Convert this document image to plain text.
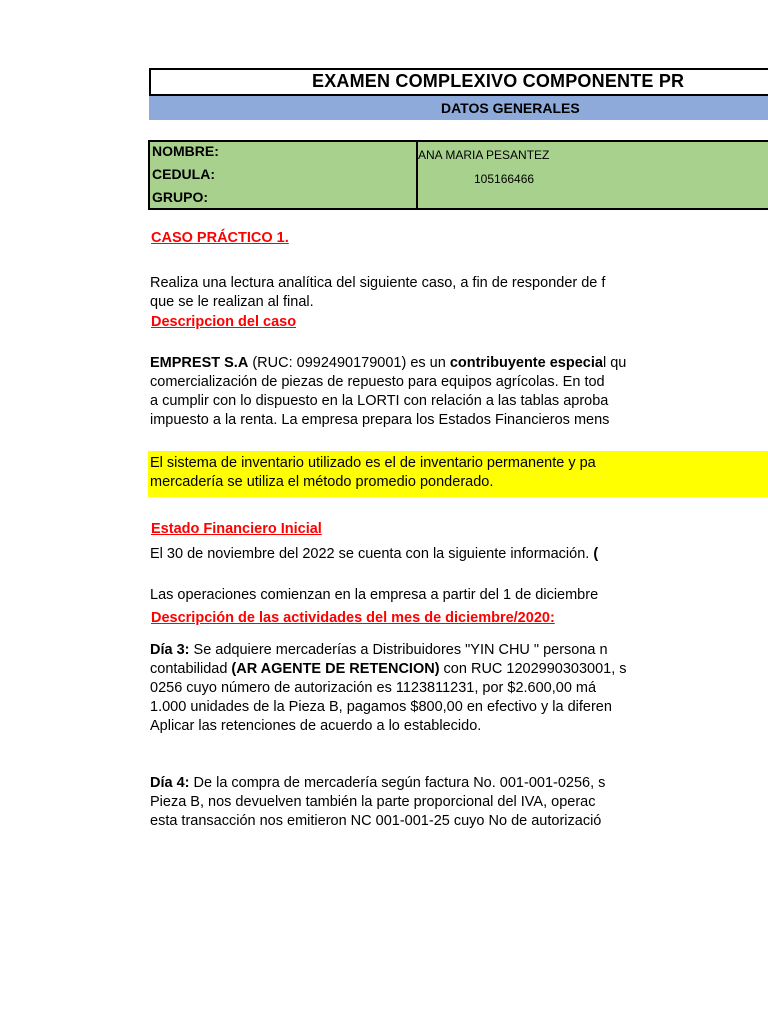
EXAMEN COMPLEXIVO COMPONENTE PR
DATOS GENERALES
NOMBRE:
CEDULA:
GRUPO:
ANA MARIA PESANTEZ
105166466
CASO PRÁCTICO 1.
Realiza una lectura analítica del siguiente caso, a fin de responder de f
que se le realizan al final.
Descripcion del caso
EMPREST S.A (RUC: 0992490179001) es un contribuyente especial qu
comercialización de piezas de repuesto para equipos agrícolas. En tod
a cumplir con lo dispuesto en la LORTI con relación a las tablas aproba
impuesto a la renta. La empresa prepara los Estados Financieros mens
El sistema de inventario utilizado es el de inventario permanente y pa
mercadería se utiliza el método promedio ponderado.
Estado Financiero Inicial
El 30 de noviembre del 2022 se cuenta con la siguiente información. (
Las operaciones comienzan en la empresa a partir del 1 de diciembre
Descripción de las actividades del mes de diciembre/2020:
Día 3: Se adquiere mercaderías a Distribuidores "YIN CHU " persona n
contabilidad (AR AGENTE DE RETENCION) con RUC 1202990303001, s
0256 cuyo número de autorización es 1123811231, por $2.600,00 má
1.000 unidades de la Pieza B, pagamos $800,00 en efectivo y la diferen
Aplicar las retenciones de acuerdo a lo establecido.
Día 4: De la compra de mercadería según factura No. 001-001-0256, s
Pieza B, nos devuelven también la parte proporcional del IVA, operac
esta transacción nos emitieron NC 001-001-25 cuyo No de autorizació
